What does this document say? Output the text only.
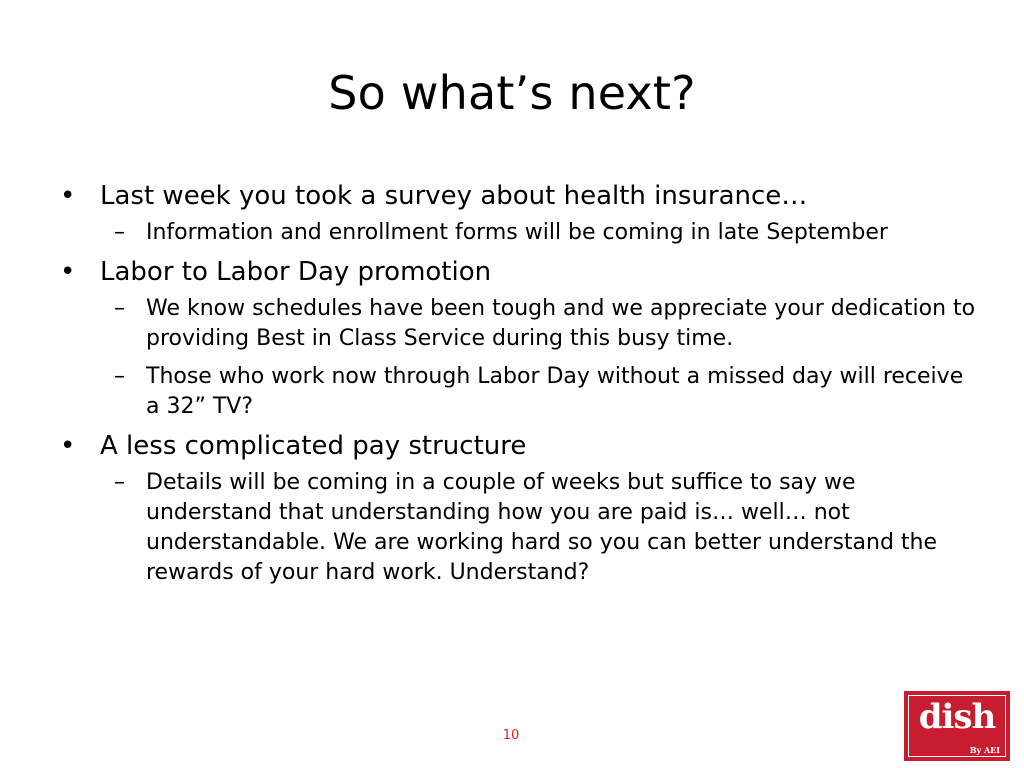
So what’s next?
• Last week you took a survey about health insurance…
– Information and enrollment forms will be coming in late September
• Labor to Labor Day promotion
– We know schedules have been tough and we appreciate your dedication to providing Best in Class Service during this busy time.
– Those who work now through Labor Day without a missed day will receive a 32” TV?
• A less complicated pay structure
– Details will be coming in a couple of weeks but suffice to say we understand that understanding how you are paid is… well… not understandable. We are working hard so you can better understand the rewards of your hard work. Understand?
10	dish
By AEI
